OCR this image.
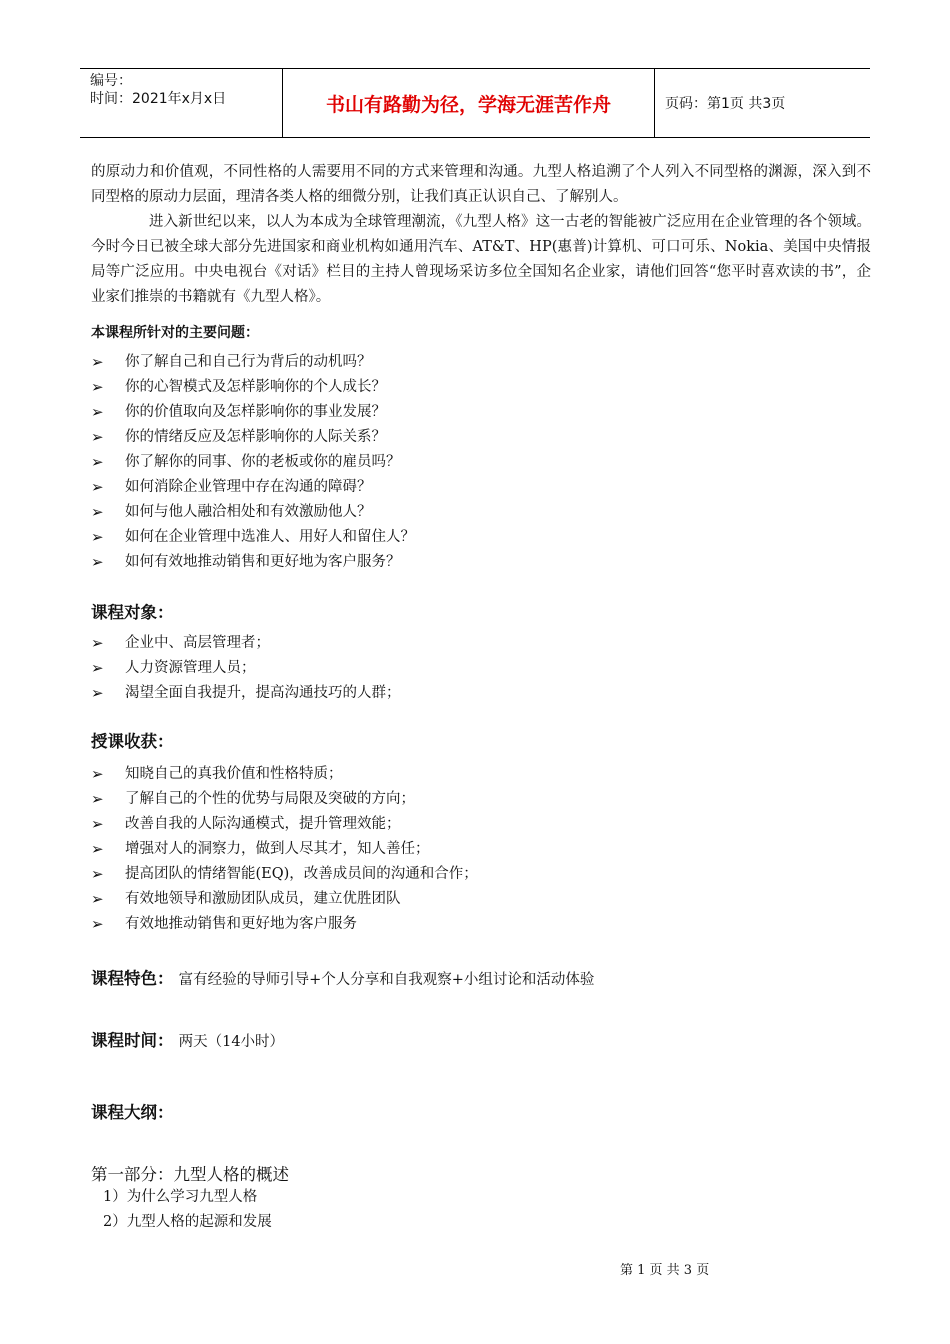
编号：
时间：2021年x月x日	书山有路勤为径，学海无涯苦作舟	页码：第1页 共3页

的原动力和价值观，不同性格的人需要用不同的方式来管理和沟通。九型人格追溯了个人列入不同型格的渊源，深入到不同型格的原动力层面，理清各类人格的细微分别，让我们真正认识自己、了解别人。

进入新世纪以来，以人为本成为全球管理潮流，《九型人格》这一古老的智能被广泛应用在企业管理的各个领域。今时今日已被全球大部分先进国家和商业机构如通用汽车、AT&T、HP(惠普)计算机、可口可乐、Nokia、美国中央情报局等广泛应用。中央电视台《对话》栏目的主持人曾现场采访多位全国知名企业家，请他们回答“您平时喜欢读的书”，企业家们推崇的书籍就有《九型人格》。

本课程所针对的主要问题：
➢	你了解自己和自己行为背后的动机吗？
➢	你的心智模式及怎样影响你的个人成长？
➢	你的价值取向及怎样影响你的事业发展？
➢	你的情绪反应及怎样影响你的人际关系？
➢	你了解你的同事、你的老板或你的雇员吗？
➢	如何消除企业管理中存在沟通的障碍？
➢	如何与他人融洽相处和有效激励他人？
➢	如何在企业管理中选准人、用好人和留住人？
➢	如何有效地推动销售和更好地为客户服务？
课程对象：
➢	企业中、高层管理者；
➢	人力资源管理人员；
➢	渴望全面自我提升，提高沟通技巧的人群；
授课收获：
➢	知晓自己的真我价值和性格特质；
➢	了解自己的个性的优势与局限及突破的方向；
➢	改善自我的人际沟通模式，提升管理效能；
➢	增强对人的洞察力，做到人尽其才，知人善任；
➢	提高团队的情绪智能(EQ)，改善成员间的沟通和合作；
➢	有效地领导和激励团队成员，建立优胜团队
➢	有效地推动销售和更好地为客户服务
课程特色： 富有经验的导师引导+个人分享和自我观察+小组讨论和活动体验
课程时间： 两天（14小时）
课程大纲：
第一部分：九型人格的概述
1）为什么学习九型人格
2）九型人格的起源和发展
第 1 页 共 3 页
